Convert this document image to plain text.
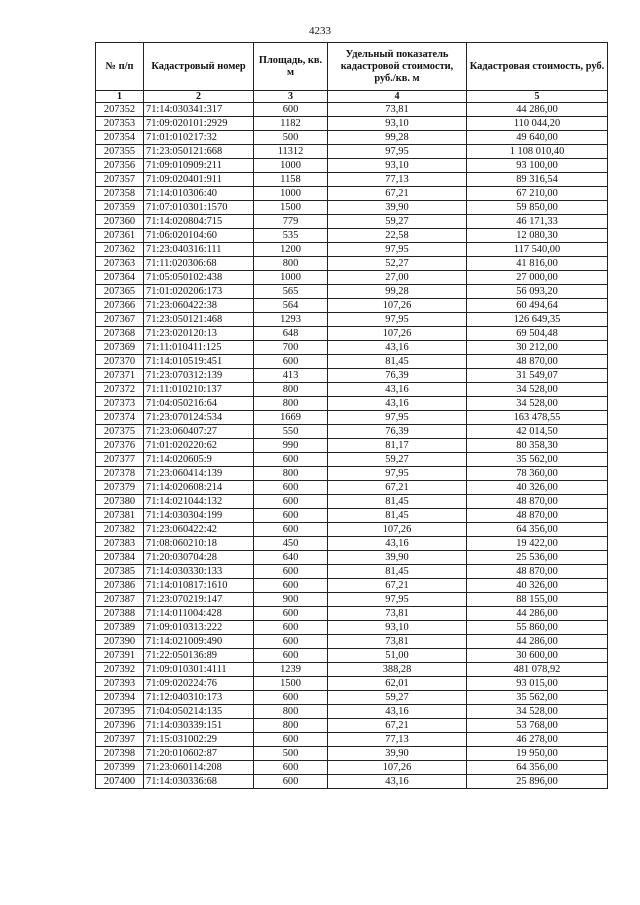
4233
№ п/п	Кадастровый номер	Площадь, кв. м	Удельный показатель кадастровой стоимости, руб./кв. м	Кадастровая стоимость, руб.
1	2	3	4	5
207352	71:14:030341:317	600	73,81	44 286,00
207353	71:09:020101:2929	1182	93,10	110 044,20
207354	71:01:010217:32	500	99,28	49 640,00
207355	71:23:050121:668	11312	97,95	1 108 010,40
207356	71:09:010909:211	1000	93,10	93 100,00
207357	71:09:020401:911	1158	77,13	89 316,54
207358	71:14:010306:40	1000	67,21	67 210,00
207359	71:07:010301:1570	1500	39,90	59 850,00
207360	71:14:020804:715	779	59,27	46 171,33
207361	71:06:020104:60	535	22,58	12 080,30
207362	71:23:040316:111	1200	97,95	117 540,00
207363	71:11:020306:68	800	52,27	41 816,00
207364	71:05:050102:438	1000	27,00	27 000,00
207365	71:01:020206:173	565	99,28	56 093,20
207366	71:23:060422:38	564	107,26	60 494,64
207367	71:23:050121:468	1293	97,95	126 649,35
207368	71:23:020120:13	648	107,26	69 504,48
207369	71:11:010411:125	700	43,16	30 212,00
207370	71:14:010519:451	600	81,45	48 870,00
207371	71:23:070312:139	413	76,39	31 549,07
207372	71:11:010210:137	800	43,16	34 528,00
207373	71:04:050216:64	800	43,16	34 528,00
207374	71:23:070124:534	1669	97,95	163 478,55
207375	71:23:060407:27	550	76,39	42 014,50
207376	71:01:020220:62	990	81,17	80 358,30
207377	71:14:020605:9	600	59,27	35 562,00
207378	71:23:060414:139	800	97,95	78 360,00
207379	71:14:020608:214	600	67,21	40 326,00
207380	71:14:021044:132	600	81,45	48 870,00
207381	71:14:030304:199	600	81,45	48 870,00
207382	71:23:060422:42	600	107,26	64 356,00
207383	71:08:060210:18	450	43,16	19 422,00
207384	71:20:030704:28	640	39,90	25 536,00
207385	71:14:030330:133	600	81,45	48 870,00
207386	71:14:010817:1610	600	67,21	40 326,00
207387	71:23:070219:147	900	97,95	88 155,00
207388	71:14:011004:428	600	73,81	44 286,00
207389	71:09:010313:222	600	93,10	55 860,00
207390	71:14:021009:490	600	73,81	44 286,00
207391	71:22:050136:89	600	51,00	30 600,00
207392	71:09:010301:4111	1239	388,28	481 078,92
207393	71:09:020224:76	1500	62,01	93 015,00
207394	71:12:040310:173	600	59,27	35 562,00
207395	71:04:050214:135	800	43,16	34 528,00
207396	71:14:030339:151	800	67,21	53 768,00
207397	71:15:031002:29	600	77,13	46 278,00
207398	71:20:010602:87	500	39,90	19 950,00
207399	71:23:060114:208	600	107,26	64 356,00
207400	71:14:030336:68	600	43,16	25 896,00
